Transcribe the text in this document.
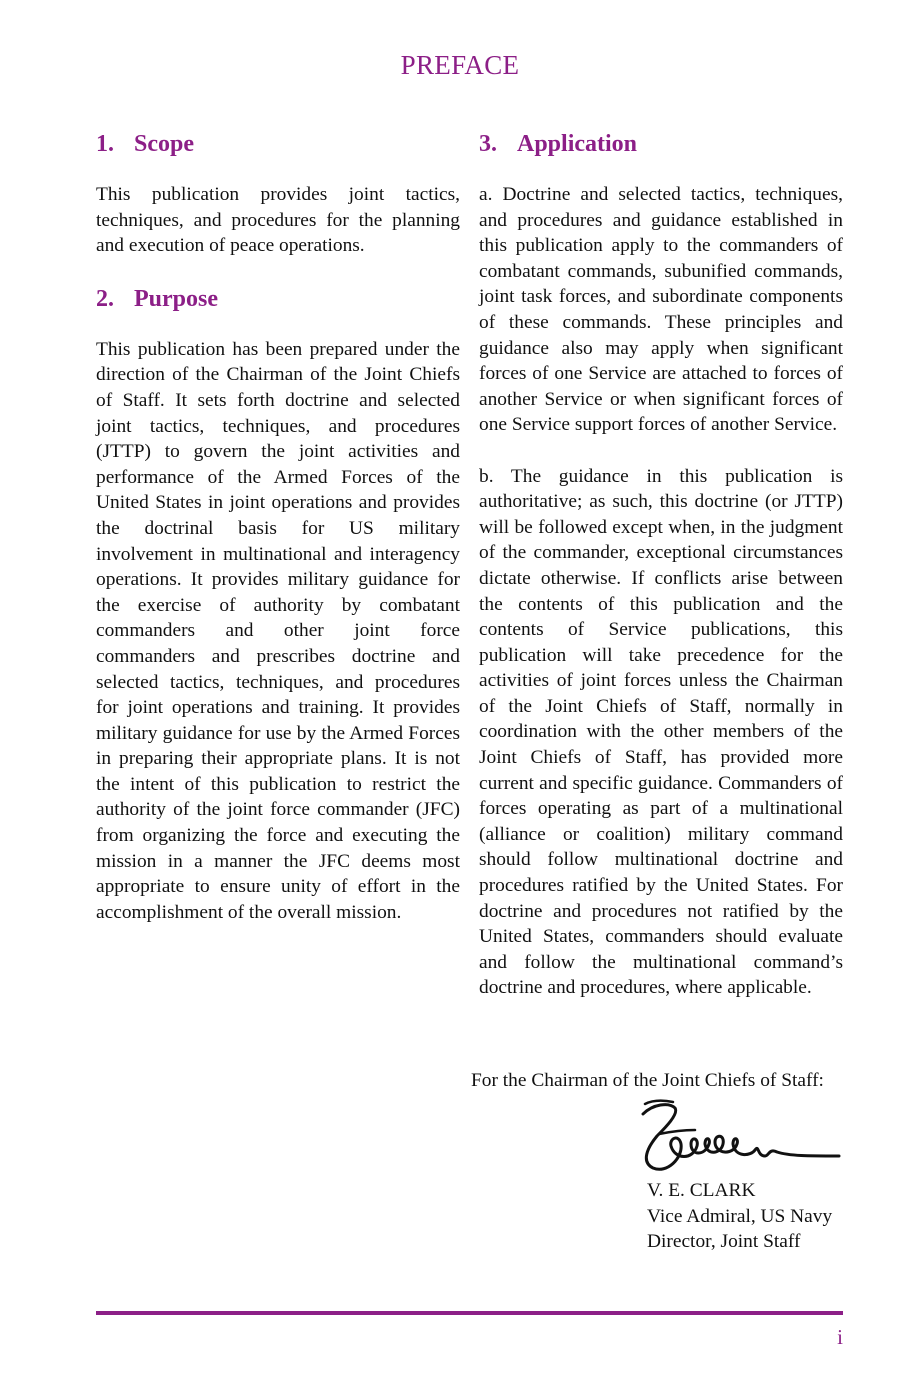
PREFACE
1. Scope

This publication provides joint tactics, techniques, and procedures for the planning and execution of peace operations.

2. Purpose

This publication has been prepared under the direction of the Chairman of the Joint Chiefs of Staff. It sets forth doctrine and selected joint tactics, techniques, and procedures (JTTP) to govern the joint activities and performance of the Armed Forces of the United States in joint operations and provides the doctrinal basis for US military involvement in multinational and interagency operations. It provides military guidance for the exercise of authority by combatant commanders and other joint force commanders and prescribes doctrine and selected tactics, techniques, and procedures for joint operations and training. It provides military guidance for use by the Armed Forces in preparing their appropriate plans. It is not the intent of this publication to restrict the authority of the joint force commander (JFC) from organizing the force and executing the mission in a manner the JFC deems most appropriate to ensure unity of effort in the accomplishment of the overall mission.

3. Application

a. Doctrine and selected tactics, techniques, and procedures and guidance established in this publication apply to the commanders of combatant commands, subunified commands, joint task forces, and subordinate components of these commands. These principles and guidance also may apply when significant forces of one Service are attached to forces of another Service or when significant forces of one Service support forces of another Service.

b. The guidance in this publication is authoritative; as such, this doctrine (or JTTP) will be followed except when, in the judgment of the commander, exceptional circumstances dictate otherwise. If conflicts arise between the contents of this publication and the contents of Service publications, this publication will take precedence for the activities of joint forces unless the Chairman of the Joint Chiefs of Staff, normally in coordination with the other members of the Joint Chiefs of Staff, has provided more current and specific guidance. Commanders of forces operating as part of a multinational (alliance or coalition) military command should follow multinational doctrine and procedures ratified by the United States. For doctrine and procedures not ratified by the United States, commanders should evaluate and follow the multinational command’s doctrine and procedures, where applicable.

For the Chairman of the Joint Chiefs of Staff:

V. E. CLARK
Vice Admiral, US Navy
Director, Joint Staff
i
